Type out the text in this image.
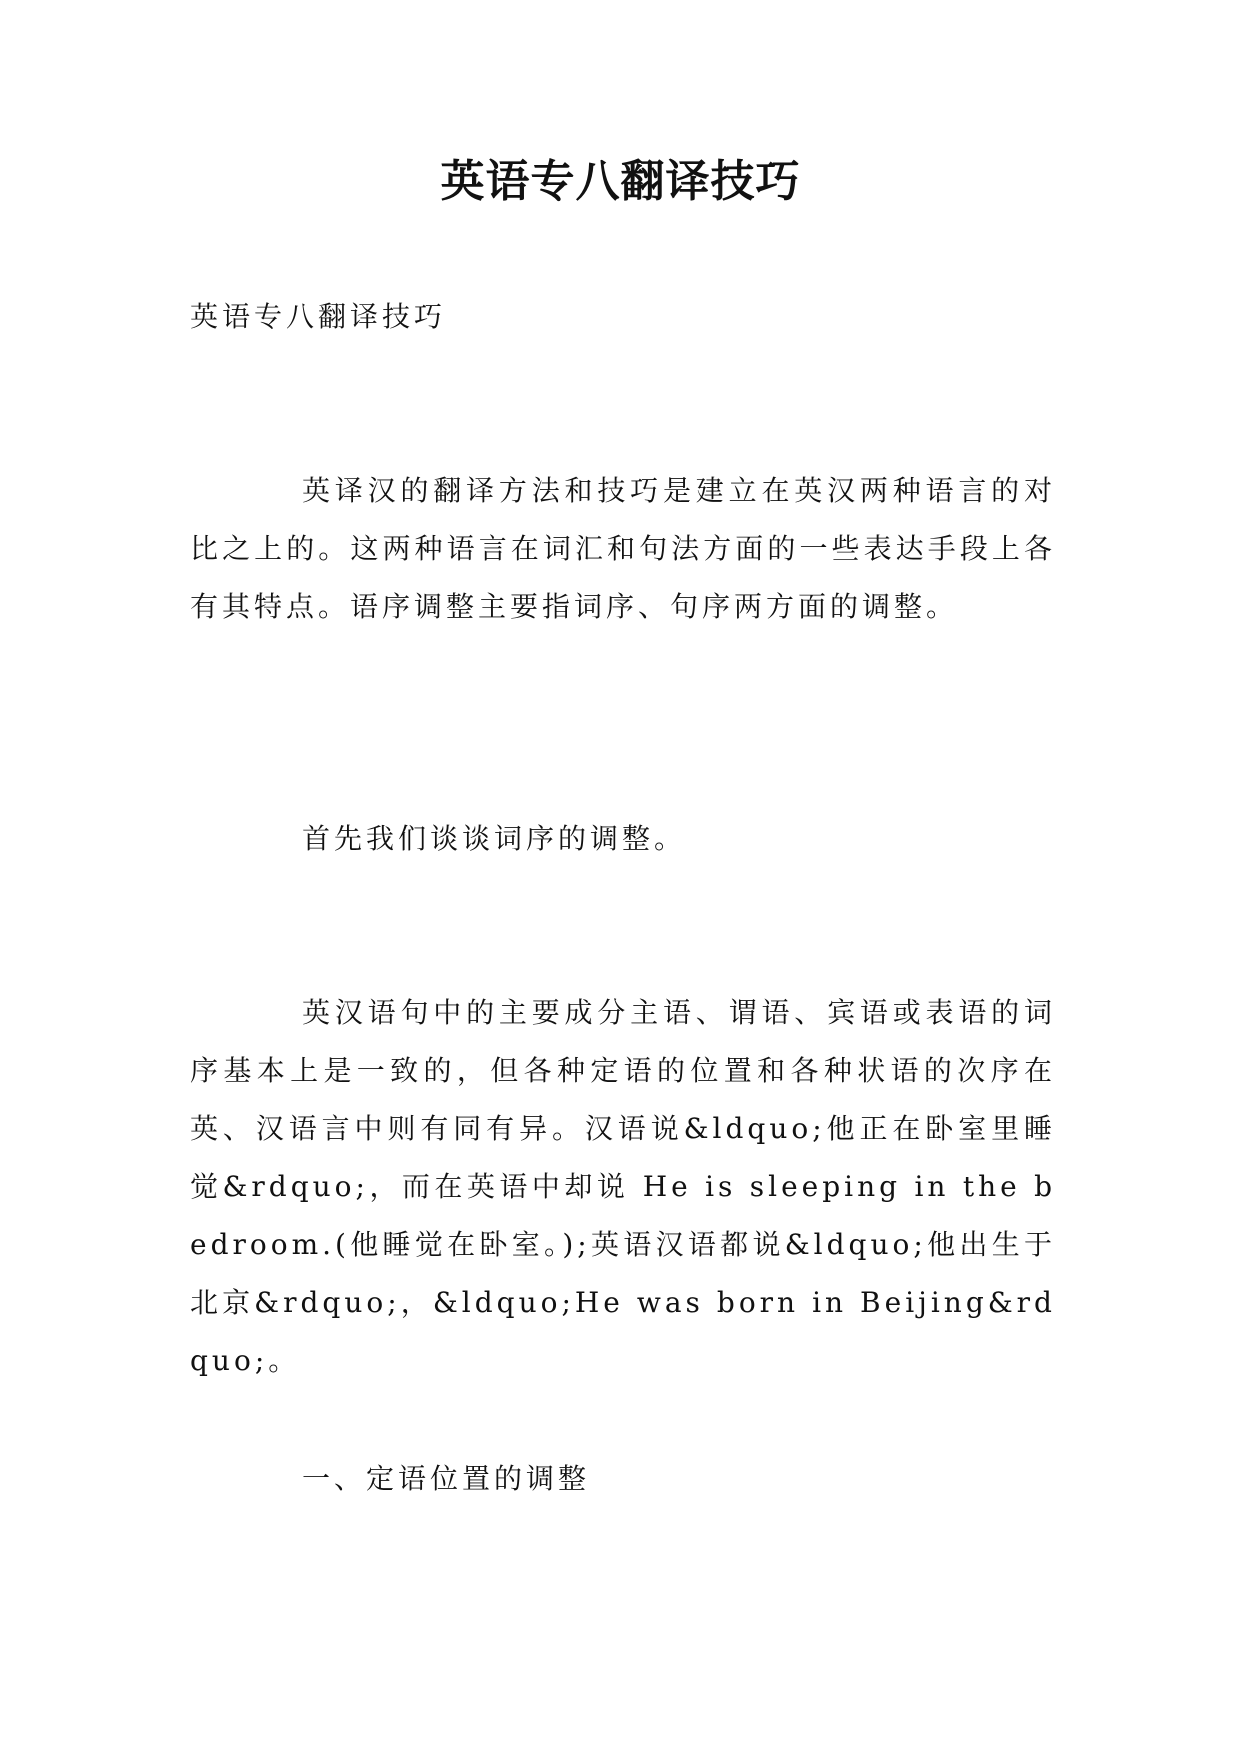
英语专八翻译技巧

英语专八翻译技巧

英译汉的翻译方法和技巧是建立在英汉两种语言的对比之上的。这两种语言在词汇和句法方面的一些表达手段上各有其特点。语序调整主要指词序、句序两方面的调整。

首先我们谈谈词序的调整。

英汉语句中的主要成分主语、谓语、宾语或表语的词序基本上是一致的，但各种定语的位置和各种状语的次序在英、汉语言中则有同有异。汉语说&ldquo;他正在卧室里睡觉&rdquo;，而在英语中却说 He is sleeping in the bedroom.(他睡觉在卧室。);英语汉语都说&ldquo;他出生于北京&rdquo;，&ldquo;He was born in Beijing&rdquo;。

一、定语位置的调整
